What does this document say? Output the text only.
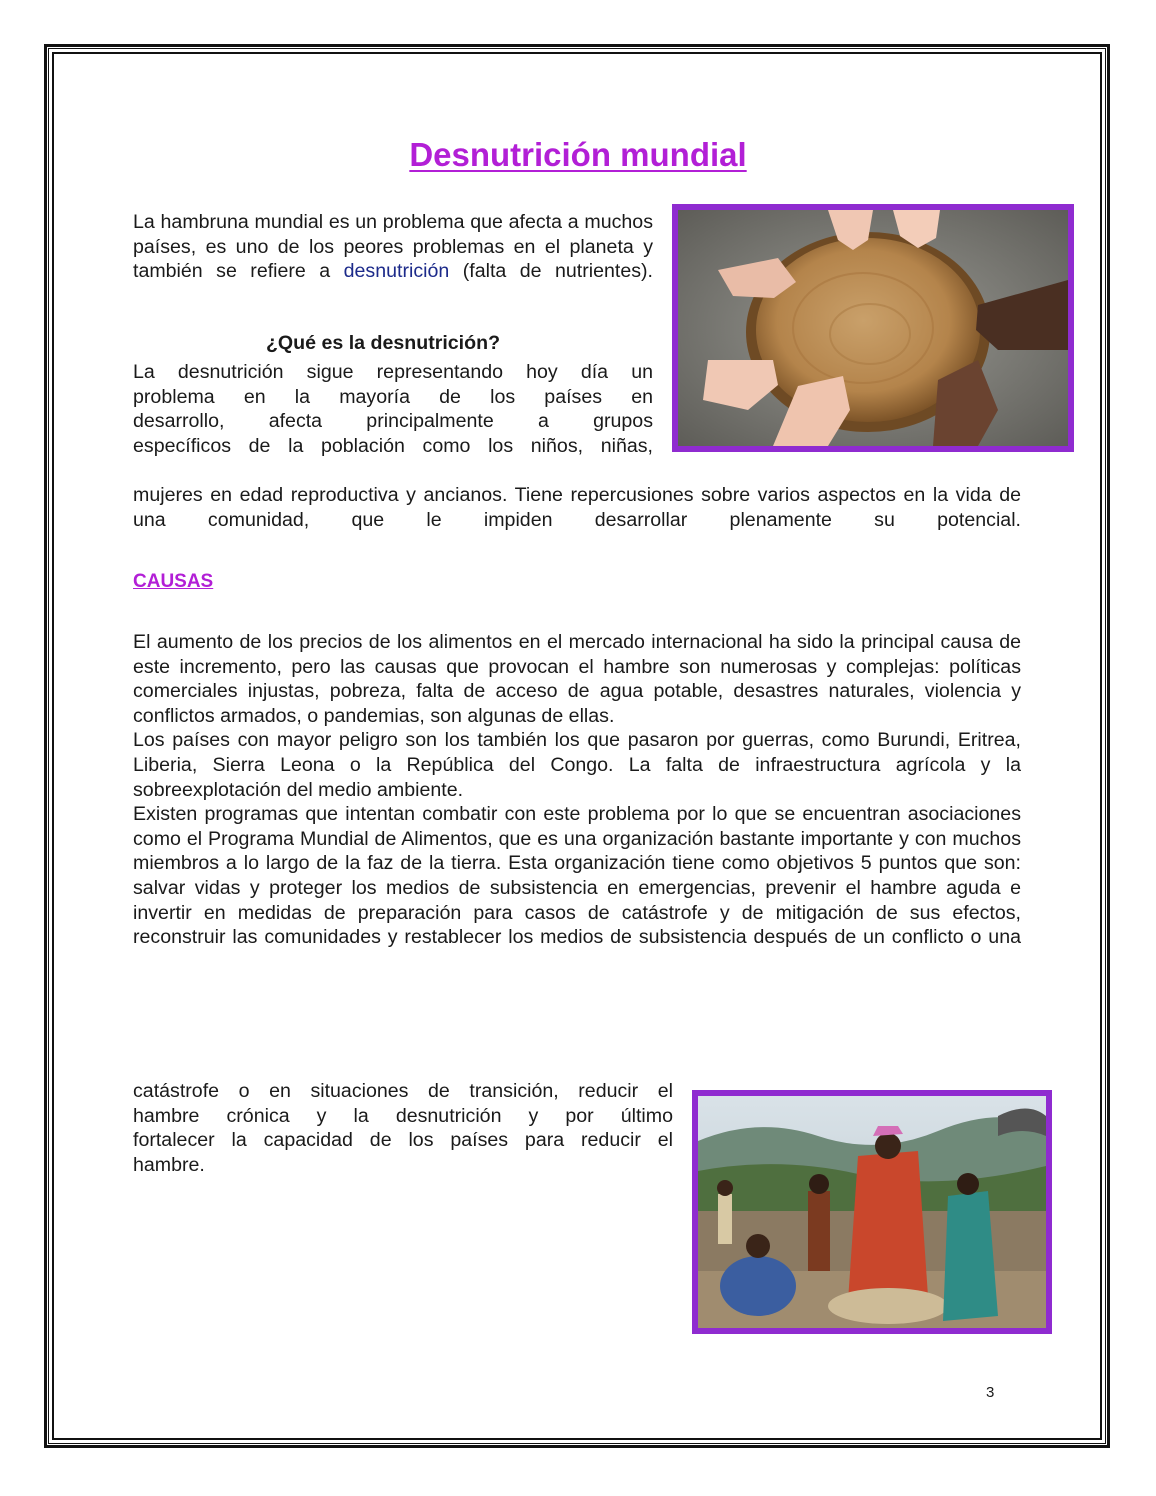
Desnutrición mundial
La hambruna mundial es un problema que afecta a muchos países, es uno de los peores problemas en el planeta y también se refiere a desnutrición (falta de nutrientes).
¿Qué es la desnutrición?
La desnutrición sigue representando hoy día un
problema en la mayoría de los países en
desarrollo, afecta principalmente a grupos
específicos de la población como los niños, niñas,
mujeres en edad reproductiva y ancianos. Tiene repercusiones sobre varios aspectos en la vida de una comunidad, que le impiden desarrollar plenamente su potencial.
CAUSAS
El aumento de los precios de los alimentos en el mercado internacional ha sido la principal causa de este incremento, pero las causas que provocan el hambre son numerosas y complejas: políticas comerciales injustas, pobreza, falta de acceso de agua potable, desastres naturales, violencia y conflictos armados, o pandemias, son algunas de ellas.
Los países con mayor peligro son los también los que pasaron por guerras, como Burundi, Eritrea, Liberia, Sierra Leona o la República del Congo. La falta de infraestructura agrícola y la sobreexplotación del medio ambiente.
Existen programas que intentan combatir con este problema por lo que se encuentran asociaciones como el Programa Mundial de Alimentos, que es una organización bastante importante y con muchos miembros a lo largo de la faz de la tierra. Esta organización tiene como objetivos 5 puntos que son: salvar vidas y proteger los medios de subsistencia en emergencias, prevenir el hambre aguda e invertir en medidas de preparación para casos de catástrofe y de mitigación de sus efectos, reconstruir las comunidades y restablecer los medios de subsistencia después de un conflicto o una
catástrofe o en situaciones de transición, reducir el
hambre crónica y la desnutrición y por último
fortalecer la capacidad de los países para reducir el
hambre.
3
